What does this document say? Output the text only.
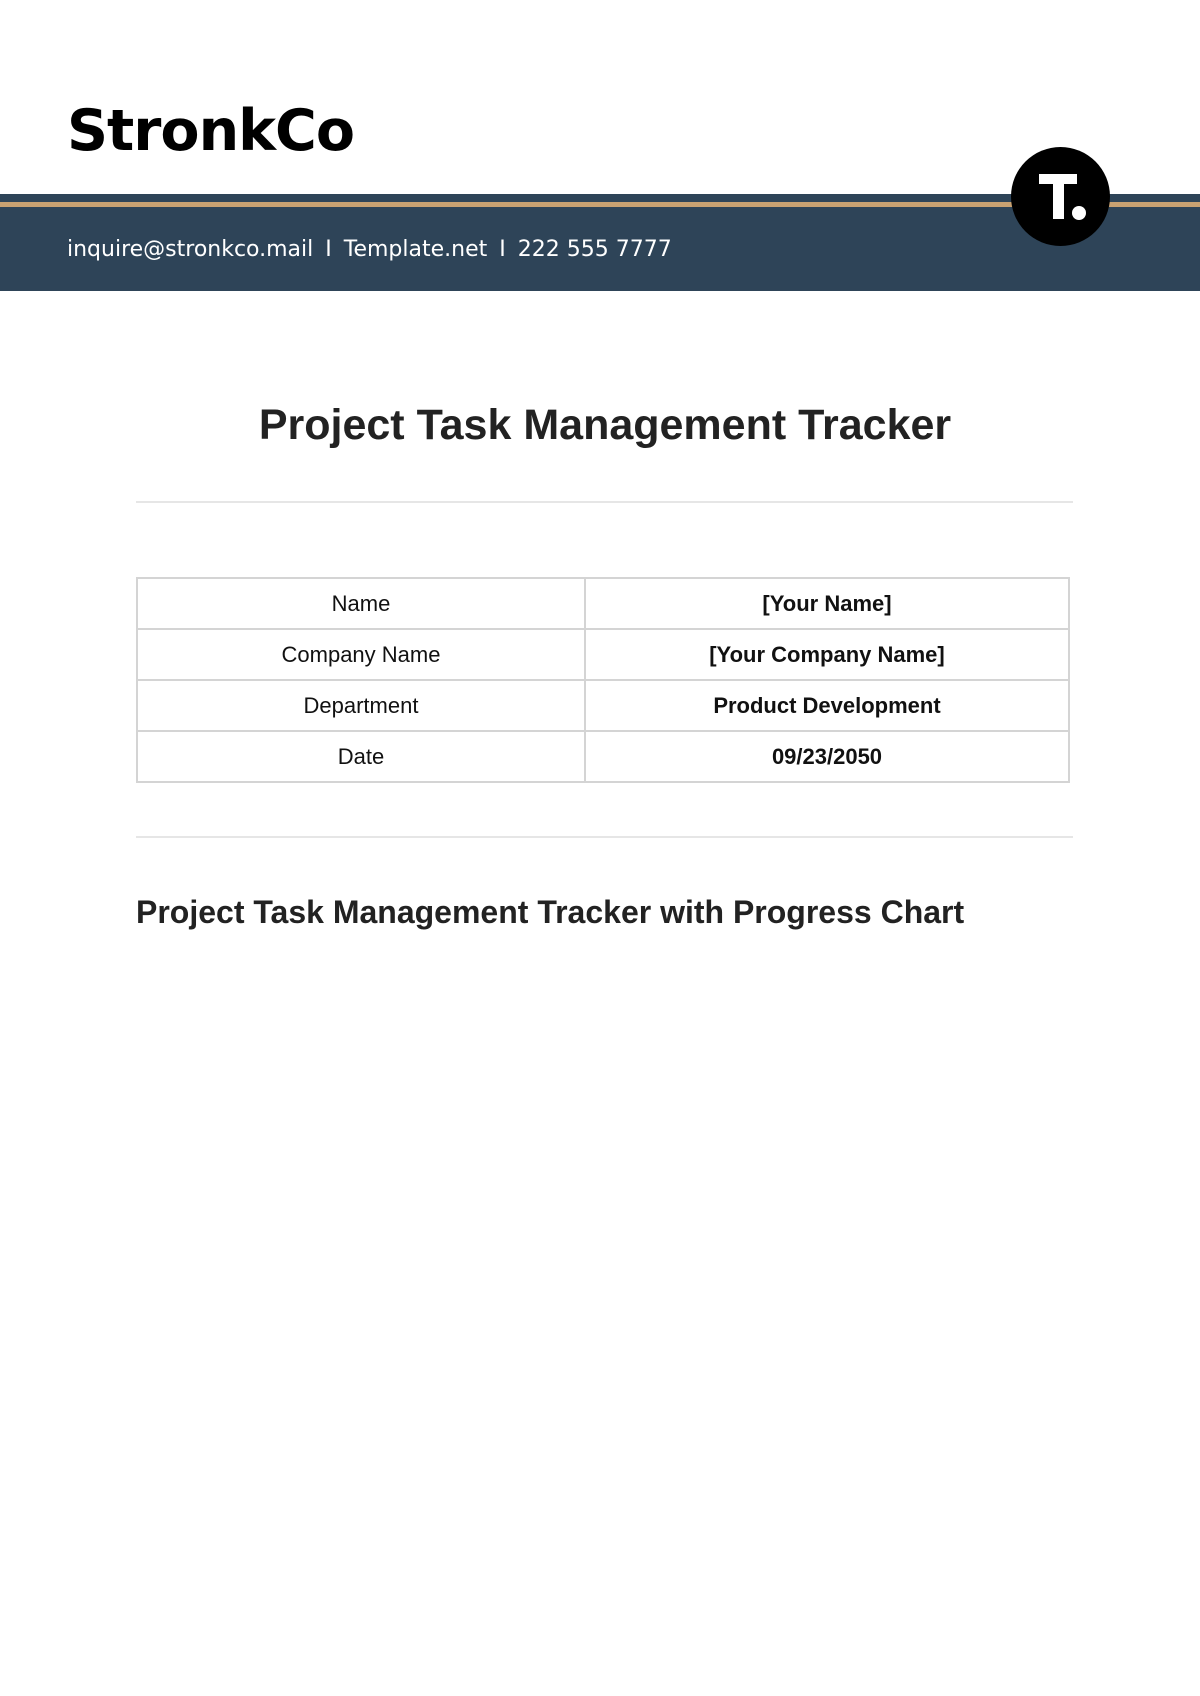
StronkCo
inquire@stronkco.mail I Template.net I 222 555 7777
Project Task Management Tracker
Name	[Your Name]
Company Name	[Your Company Name]
Department	Product Development
Date	09/23/2050
Project Task Management Tracker with Progress Chart
